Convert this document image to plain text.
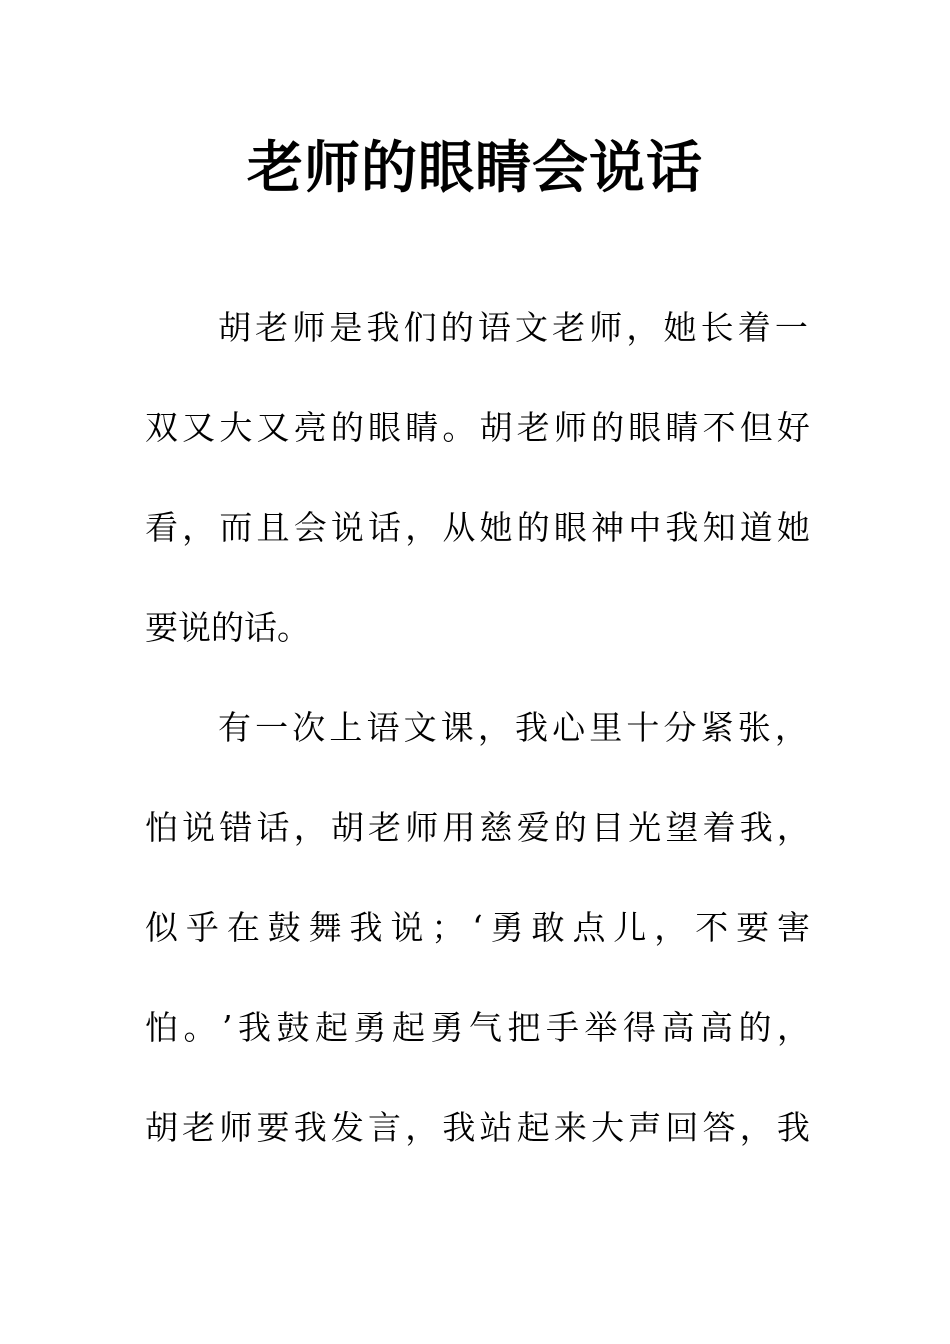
老师的眼睛会说话

胡 老 师 是 我 们 的 语 文 老 师 ， 她 长 着 一

双 又 大 又 亮 的 眼 睛 。 胡 老 师 的 眼 睛 不 但 好

看 ， 而 且 会 说 话 ， 从 她 的 眼 神 中 我 知 道 她

要说的话。

有 一 次 上 语 文 课 ， 我 心 里 十 分 紧 张 ，

怕 说 错 话 ， 胡 老 师 用 慈 爱 的 目 光 望 着 我 ，

似 乎 在 鼓 舞 我 说 ； ‘ 勇 敢 点 儿 ， 不 要 害

怕 。 ’ 我 鼓 起 勇 起 勇 气 把 手 举 得 高 高 的 ，

胡 老 师 要 我 发 言 ， 我 站 起 来 大 声 回 答 ， 我
